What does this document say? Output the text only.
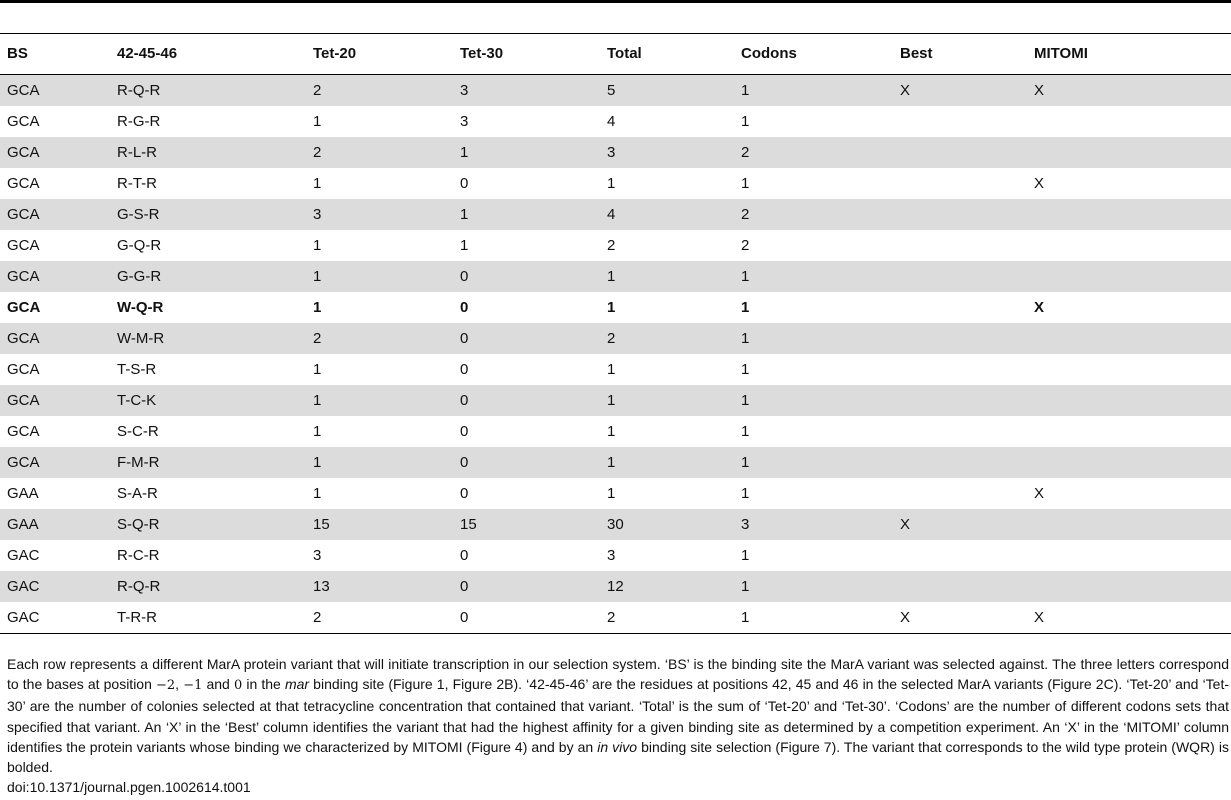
BS	42-45-46	Tet-20	Tet-30	Total	Codons	Best	MITOMI
GCA	R-Q-R	2	3	5	1	X	X
GCA	R-G-R	1	3	4	1		
GCA	R-L-R	2	1	3	2		
GCA	R-T-R	1	0	1	1		X
GCA	G-S-R	3	1	4	2		
GCA	G-Q-R	1	1	2	2		
GCA	G-G-R	1	0	1	1		
GCA	W-Q-R	1	0	1	1		X
GCA	W-M-R	2	0	2	1		
GCA	T-S-R	1	0	1	1		
GCA	T-C-K	1	0	1	1		
GCA	S-C-R	1	0	1	1		
GCA	F-M-R	1	0	1	1		
GAA	S-A-R	1	0	1	1		X
GAA	S-Q-R	15	15	30	3	X	
GAC	R-C-R	3	0	3	1		
GAC	R-Q-R	13	0	12	1		
GAC	T-R-R	2	0	2	1	X	X

Each row represents a different MarA protein variant that will initiate transcription in our selection system. ‘BS’ is the binding site the MarA variant was selected against. The three letters correspond to the bases at position −2, −1 and 0 in the mar binding site (Figure 1, Figure 2B). ‘42-45-46’ are the residues at positions 42, 45 and 46 in the selected MarA variants (Figure 2C). ‘Tet-20’ and ‘Tet-30’ are the number of colonies selected at that tetracycline concentration that contained that variant. ‘Total’ is the sum of ‘Tet-20’ and ‘Tet-30’. ‘Codons’ are the number of different codons sets that specified that variant. An ‘X’ in the ‘Best’ column identifies the variant that had the highest affinity for a given binding site as determined by a competition experiment. An ‘X’ in the ‘MITOMI’ column identifies the protein variants whose binding we characterized by MITOMI (Figure 4) and by an in vivo binding site selection (Figure 7). The variant that corresponds to the wild type protein (WQR) is bolded.

doi:10.1371/journal.pgen.1002614.t001
